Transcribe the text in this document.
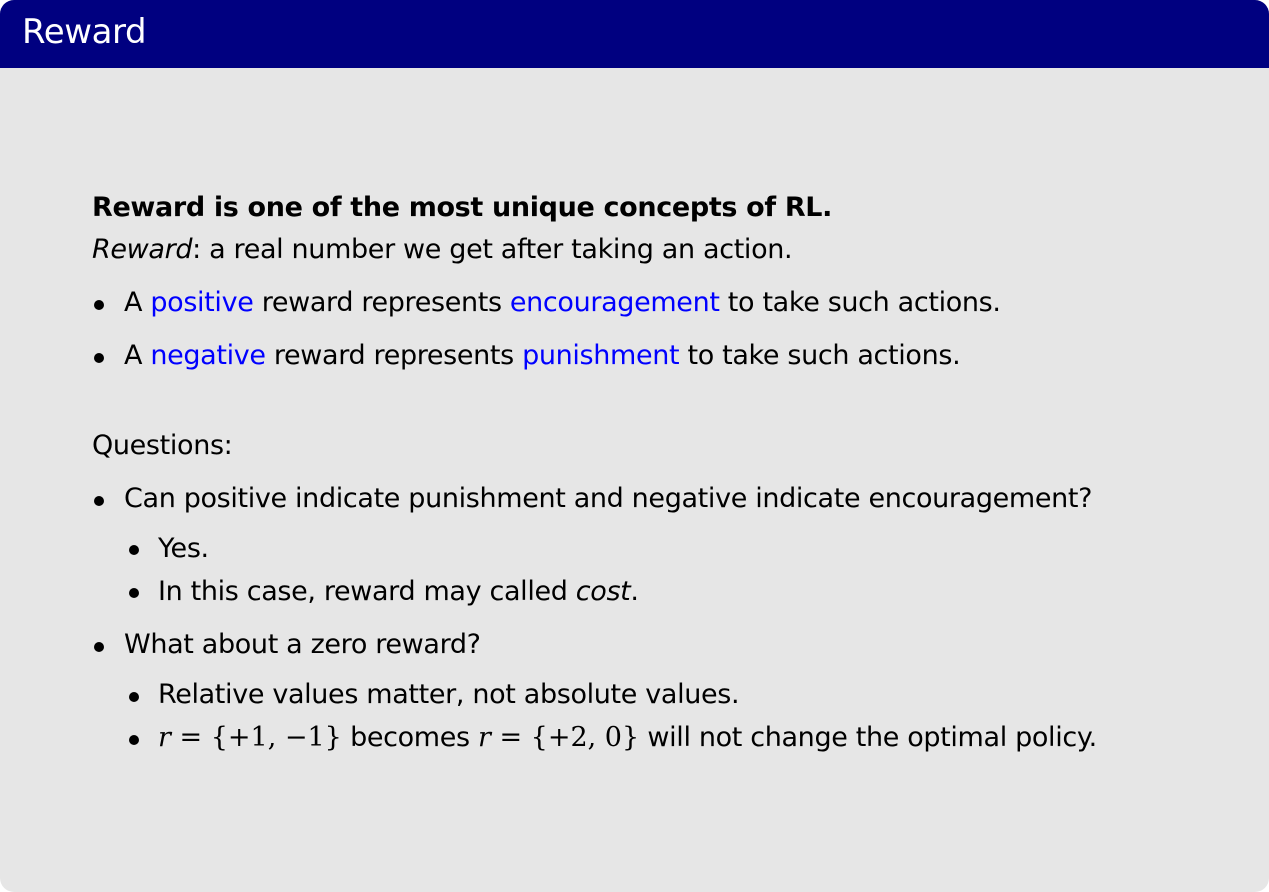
Reward
Reward is one of the most unique concepts of RL.
Reward: a real number we get after taking an action.
A positive reward represents encouragement to take such actions.
A negative reward represents punishment to take such actions.
Questions:
Can positive indicate punishment and negative indicate encouragement?
Yes.
In this case, reward may called cost.
What about a zero reward?
Relative values matter, not absolute values.
r = {+1, −1} becomes r = {+2, 0} will not change the optimal policy.
